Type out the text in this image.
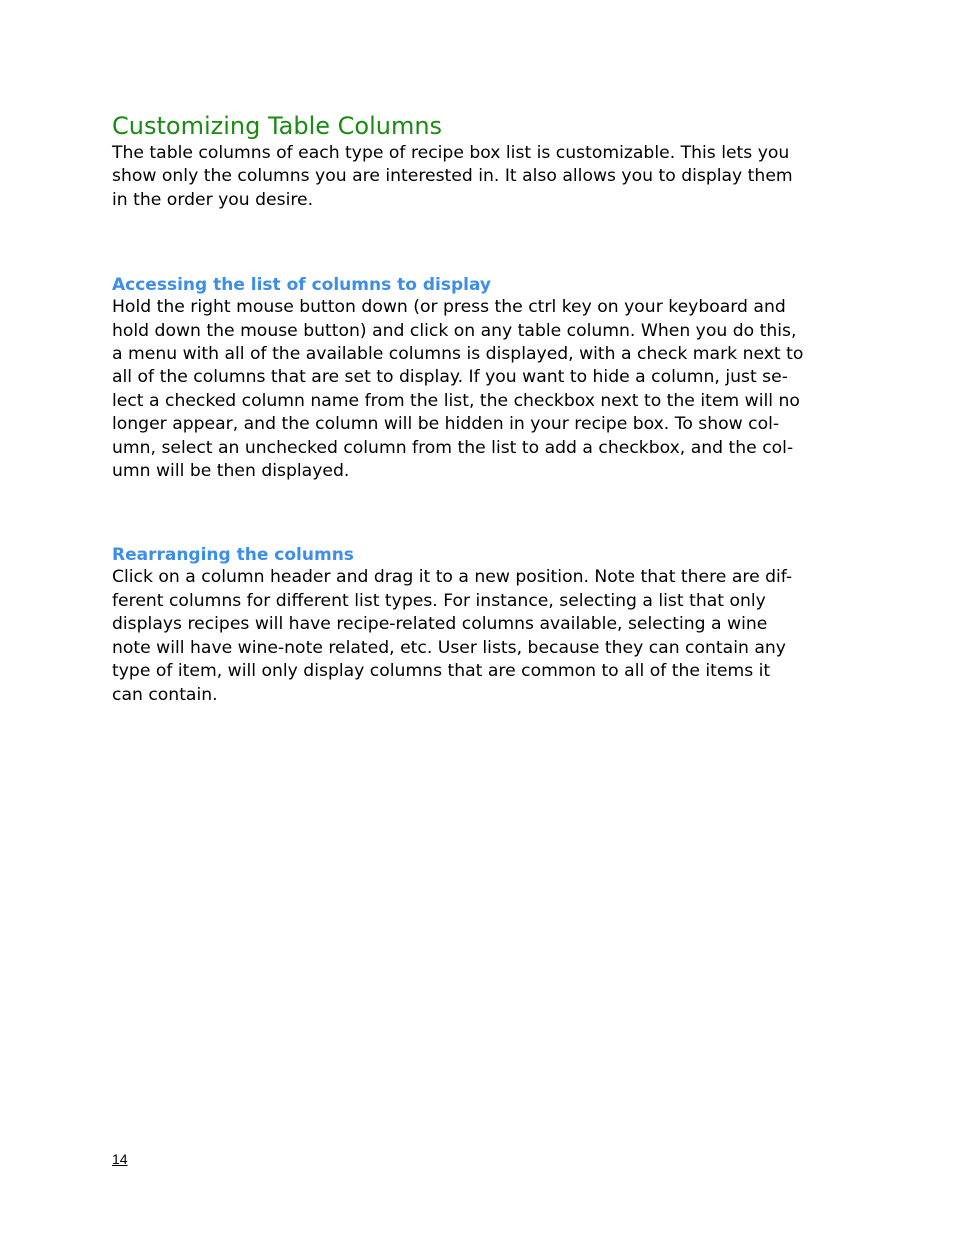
Customizing Table Columns

The table columns of each type of recipe box list is customizable. This lets you
show only the columns you are interested in. It also allows you to display them
in the order you desire.

Accessing the list of columns to display

Hold the right mouse button down (or press the ctrl key on your keyboard and
hold down the mouse button) and click on any table column. When you do this,
a menu with all of the available columns is displayed, with a check mark next to
all of the columns that are set to display. If you want to hide a column, just se-
lect a checked column name from the list, the checkbox next to the item will no
longer appear, and the column will be hidden in your recipe box. To show col-
umn, select an unchecked column from the list to add a checkbox, and the col-
umn will be then displayed.

Rearranging the columns

Click on a column header and drag it to a new position. Note that there are dif-
ferent columns for different list types. For instance, selecting a list that only
displays recipes will have recipe-related columns available, selecting a wine
note will have wine-note related, etc. User lists, because they can contain any
type of item, will only display columns that are common to all of the items it
can contain.

14
